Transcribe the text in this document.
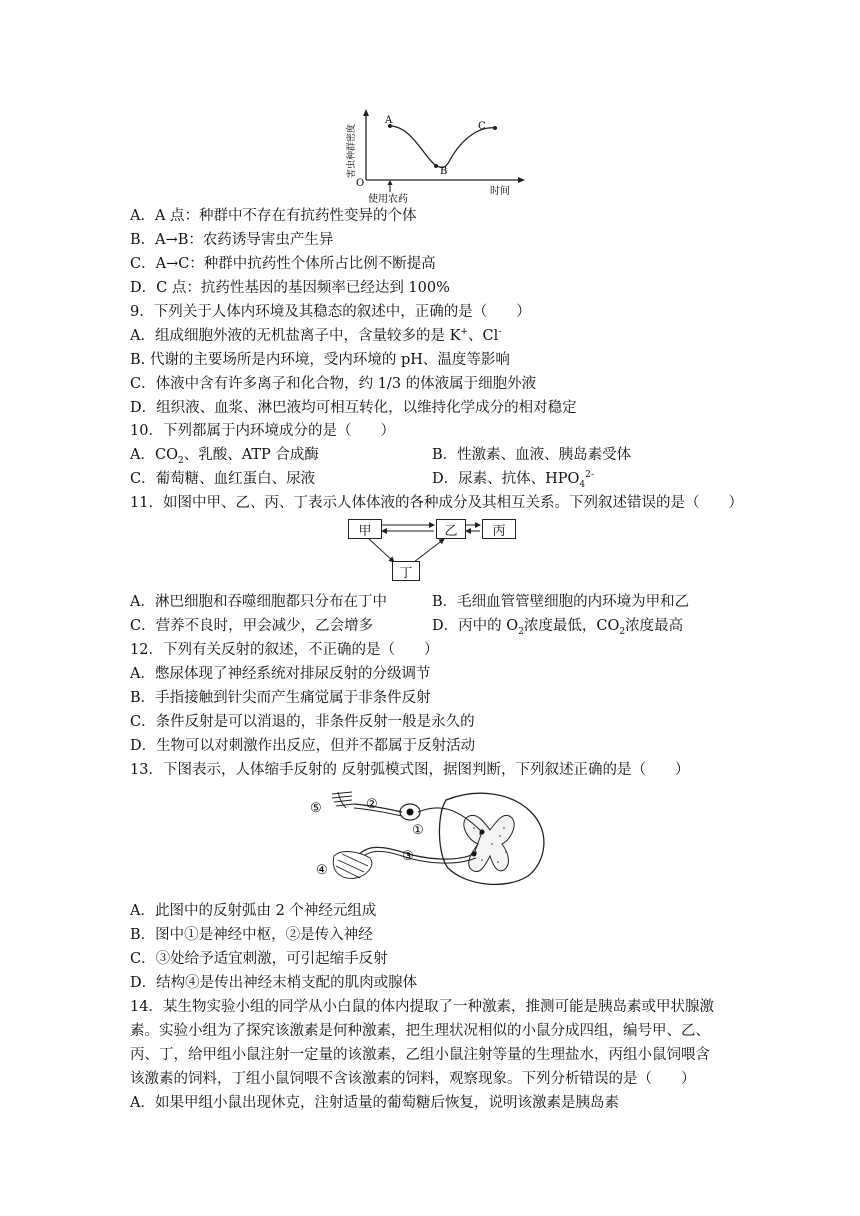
A
B
C
O
时间
使用农药
害虫种群密度
A．A 点：种群中不存在有抗药性变异的个体
B．A→B：农药诱导害虫产生异
C．A→C：种群中抗药性个体所占比例不断提高
D．C 点：抗药性基因的基因频率已经达到 100%
9．下列关于人体内环境及其稳态的叙述中，正确的是（　　）
A．组成细胞外液的无机盐离子中，含量较多的是 K+、Cl-
B. 代谢的主要场所是内环境，受内环境的 pH、温度等影响
C．体液中含有许多离子和化合物，约 1/3 的体液属于细胞外液
D．组织液、血浆、淋巴液均可相互转化，以维持化学成分的相对稳定
10．下列都属于内环境成分的是（　　）
A．$CO_2$、乳酸、ATP 合成酶	B．性激素、血液、胰岛素受体
C．葡萄糖、血红蛋白、尿液	D．尿素、抗体、$HPO_4^{2-}$
11．如图中甲、乙、丙、丁表示人体体液的各种成分及其相互关系。下列叙述错误的是（　　）
甲	乙	丙
丁
A．淋巴细胞和吞噬细胞都只分布在丁中	B．毛细血管管壁细胞的内环境为甲和乙
C．营养不良时，甲会减少，乙会增多	D．丙中的 $O_2$浓度最低，$CO_2$浓度最高
12．下列有关反射的叙述，不正确的是（　　）
A．憋尿体现了神经系统对排尿反射的分级调节
B．手指接触到针尖而产生痛觉属于非条件反射
C．条件反射是可以消退的，非条件反射一般是永久的
D．生物可以对刺激作出反应，但并不都属于反射活动
13．下图表示，人体缩手反射的 反射弧模式图，据图判断，下列叙述正确的是（　　）
①
②
③
④
⑤
A．此图中的反射弧由 2 个神经元组成
B．图中①是神经中枢，②是传入神经
C．③处给予适宜刺激，可引起缩手反射
D．结构④是传出神经末梢支配的肌肉或腺体
14．某生物实验小组的同学从小白鼠的体内提取了一种激素，推测可能是胰岛素或甲状腺激
素。实验小组为了探究该激素是何种激素，把生理状况相似的小鼠分成四组，编号甲、乙、
丙、丁，给甲组小鼠注射一定量的该激素，乙组小鼠注射等量的生理盐水，丙组小鼠饲喂含
该激素的饲料，丁组小鼠饲喂不含该激素的饲料，观察现象。下列分析错误的是（　　）
A．如果甲组小鼠出现休克，注射适量的葡萄糖后恢复，说明该激素是胰岛素
